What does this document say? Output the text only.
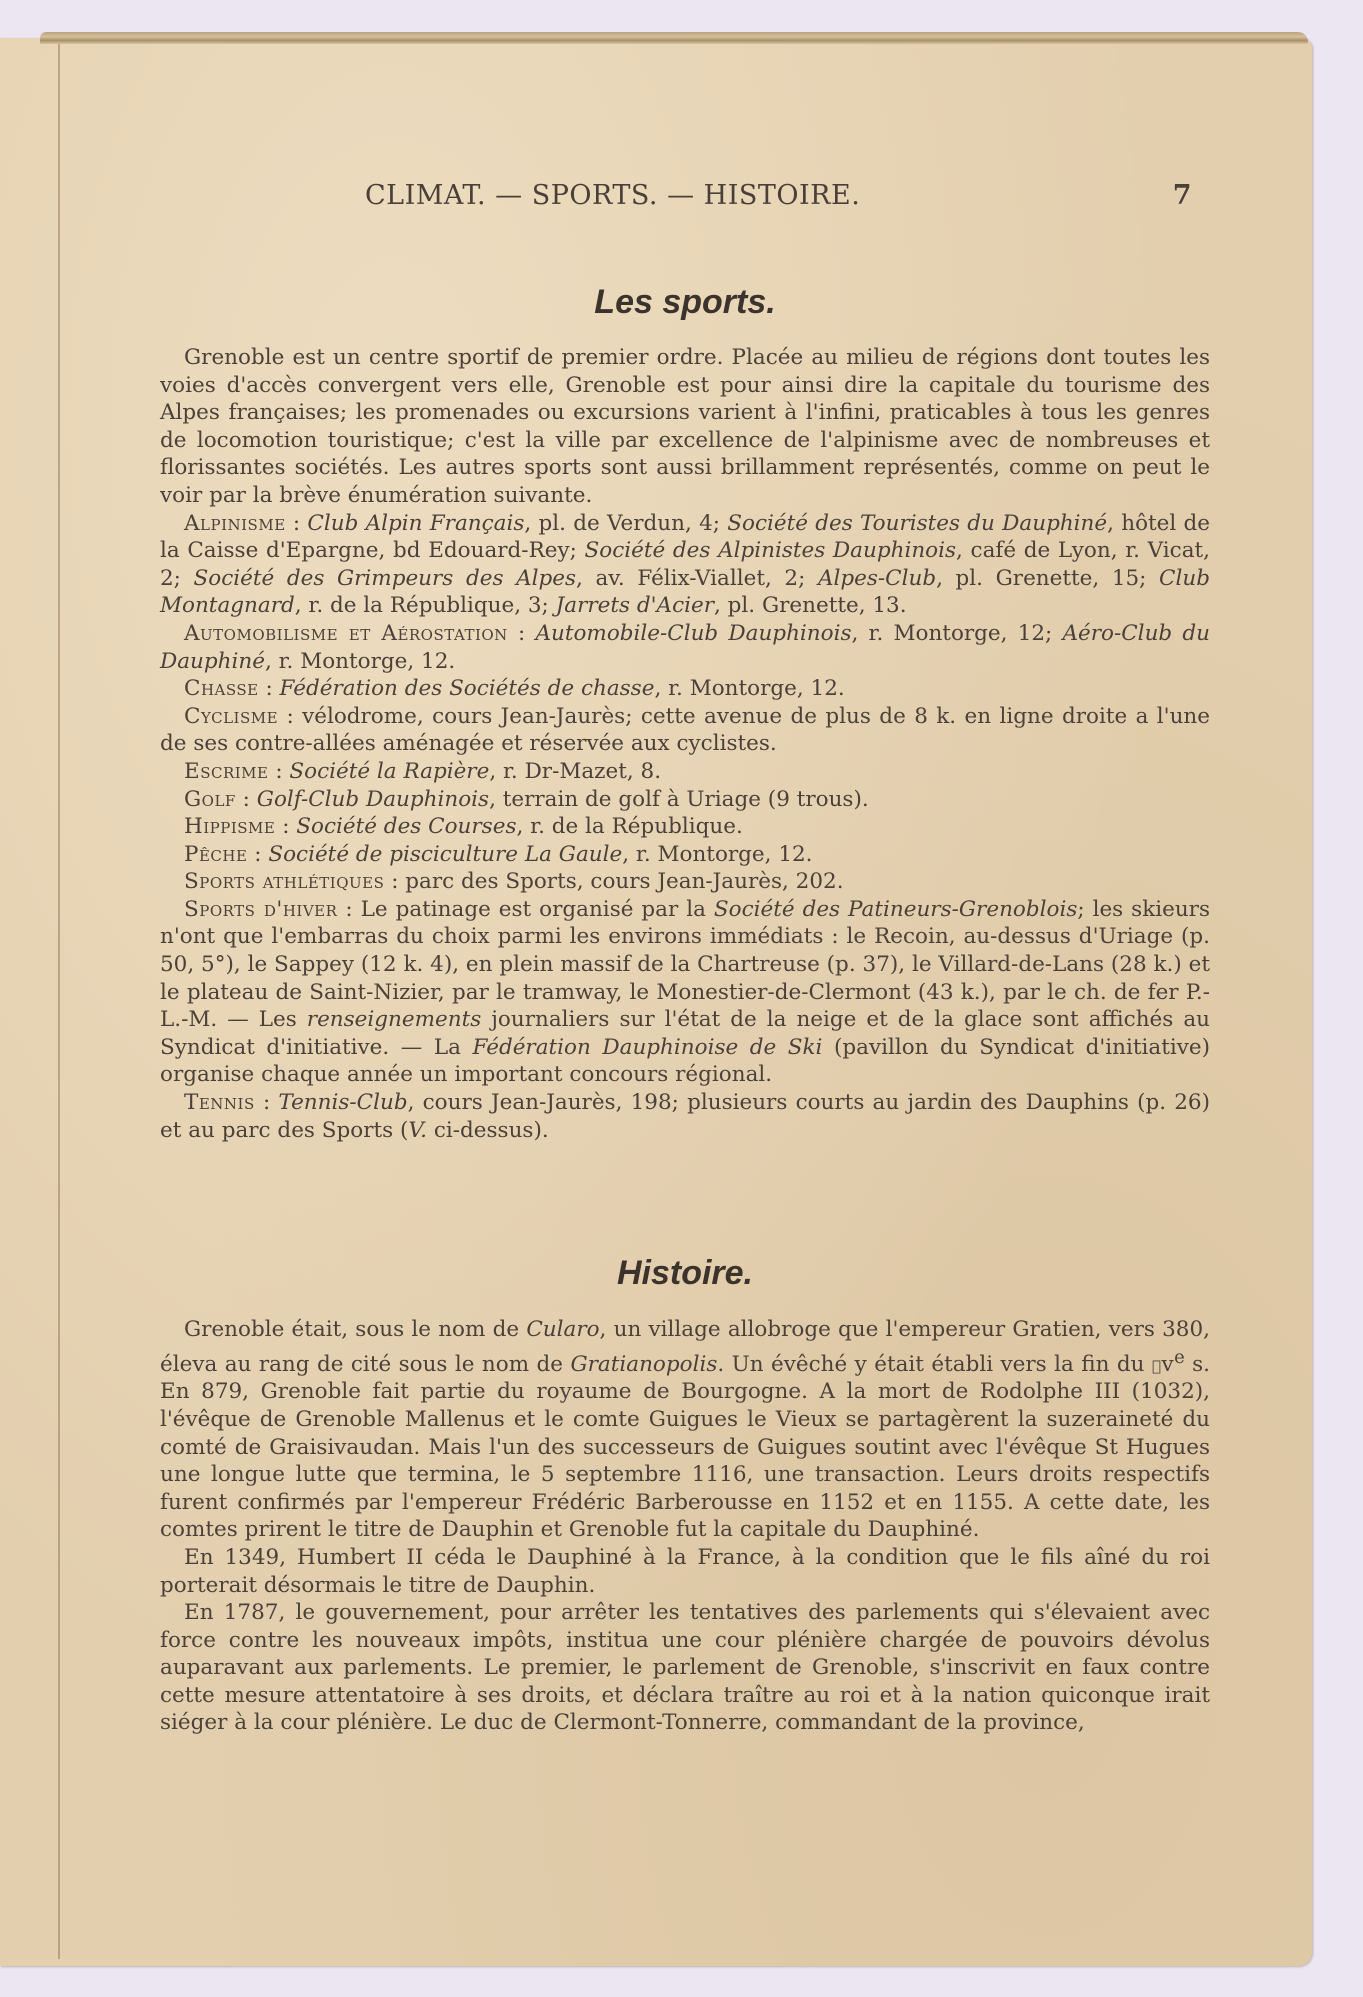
CLIMAT. — SPORTS. — HISTOIRE.	7
Les sports.

Grenoble est un centre sportif de premier ordre. Placée au milieu de régions dont toutes les voies d'accès convergent vers elle, Grenoble est pour ainsi dire la capitale du tourisme des Alpes françaises; les promenades ou excursions varient à l'infini, praticables à tous les genres de locomotion touristique; c'est la ville par excellence de l'alpinisme avec de nombreuses et florissantes sociétés. Les autres sports sont aussi brillamment représentés, comme on peut le voir par la brève énumération suivante.

Alpinisme : Club Alpin Français, pl. de Verdun, 4; Société des Touristes du Dauphiné, hôtel de la Caisse d'Epargne, bd Edouard-Rey; Société des Alpinistes Dauphinois, café de Lyon, r. Vicat, 2; Société des Grimpeurs des Alpes, av. Félix-Viallet, 2; Alpes-Club, pl. Grenette, 15; Club Montagnard, r. de la République, 3; Jarrets d'Acier, pl. Grenette, 13.

Automobilisme et Aérostation : Automobile-Club Dauphinois, r. Montorge, 12; Aéro-Club du Dauphiné, r. Montorge, 12.

Chasse : Fédération des Sociétés de chasse, r. Montorge, 12.

Cyclisme : vélodrome, cours Jean-Jaurès; cette avenue de plus de 8 k. en ligne droite a l'une de ses contre-allées aménagée et réservée aux cyclistes.

Escrime : Société la Rapière, r. Dr-Mazet, 8.

Golf : Golf-Club Dauphinois, terrain de golf à Uriage (9 trous).

Hippisme : Société des Courses, r. de la République.

Pêche : Société de pisciculture La Gaule, r. Montorge, 12.

Sports athlétiques : parc des Sports, cours Jean-Jaurès, 202.

Sports d'hiver : Le patinage est organisé par la Société des Patineurs-Grenoblois; les skieurs n'ont que l'embarras du choix parmi les environs immédiats : le Recoin, au-dessus d'Uriage (p. 50, 5°), le Sappey (12 k. 4), en plein massif de la Chartreuse (p. 37), le Villard-de-Lans (28 k.) et le plateau de Saint-Nizier, par le tramway, le Monestier-de-Clermont (43 k.), par le ch. de fer P.-L.-M. — Les renseignements journaliers sur l'état de la neige et de la glace sont affichés au Syndicat d'initiative. — La Fédération Dauphinoise de Ski (pavillon du Syndicat d'initiative) organise chaque année un important concours régional.

Tennis : Tennis-Club, cours Jean-Jaurès, 198; plusieurs courts au jardin des Dauphins (p. 26) et au parc des Sports (V. ci-dessus).

Histoire.

Grenoble était, sous le nom de Cularo, un village allobroge que l'empereur Gratien, vers 380, éleva au rang de cité sous le nom de Gratianopolis. Un évêché y était établi vers la fin du ɪᴠ$^e$ s. En 879, Grenoble fait partie du royaume de Bourgogne. A la mort de Rodolphe III (1032), l'évêque de Grenoble Mallenus et le comte Guigues le Vieux se partagèrent la suzeraineté du comté de Graisivaudan. Mais l'un des successeurs de Guigues soutint avec l'évêque St Hugues une longue lutte que termina, le 5 septembre 1116, une transaction. Leurs droits respectifs furent confirmés par l'empereur Frédéric Barberousse en 1152 et en 1155. A cette date, les comtes prirent le titre de Dauphin et Grenoble fut la capitale du Dauphiné.

En 1349, Humbert II céda le Dauphiné à la France, à la condition que le fils aîné du roi porterait désormais le titre de Dauphin.

En 1787, le gouvernement, pour arrêter les tentatives des parlements qui s'élevaient avec force contre les nouveaux impôts, institua une cour plénière chargée de pouvoirs dévolus auparavant aux parlements. Le premier, le parlement de Grenoble, s'inscrivit en faux contre cette mesure attentatoire à ses droits, et déclara traître au roi et à la nation quiconque irait siéger à la cour plénière. Le duc de Clermont-Tonnerre, commandant de la province,
